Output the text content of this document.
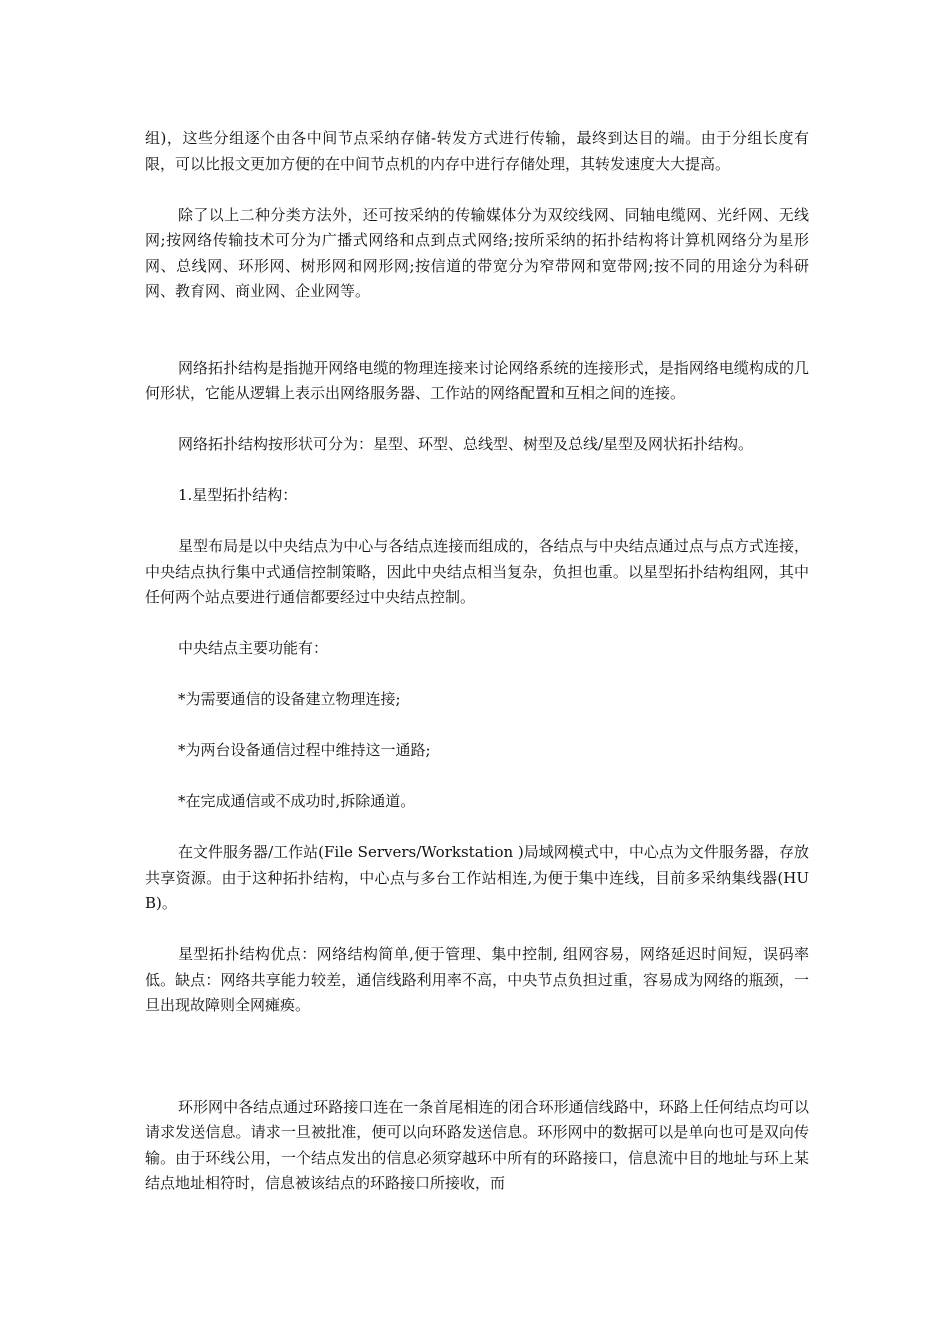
组)，这些分组逐个由各中间节点采纳存储-转发方式进行传输，最终到达目的端。由于分组长度有限，可以比报文更加方便的在中间节点机的内存中进行存储处理，其转发速度大大提高。

除了以上二种分类方法外，还可按采纳的传输媒体分为双绞线网、同轴电缆网、光纤网、无线网;按网络传输技术可分为广播式网络和点到点式网络;按所采纳的拓扑结构将计算机网络分为星形网、总线网、环形网、树形网和网形网;按信道的带宽分为窄带网和宽带网;按不同的用途分为科研网、教育网、商业网、企业网等。

网络拓扑结构是指抛开网络电缆的物理连接来讨论网络系统的连接形式，是指网络电缆构成的几何形状，它能从逻辑上表示出网络服务器、工作站的网络配置和互相之间的连接。

网络拓扑结构按形状可分为：星型、环型、总线型、树型及总线/星型及网状拓扑结构。

1.星型拓扑结构：

星型布局是以中央结点为中心与各结点连接而组成的，各结点与中央结点通过点与点方式连接，中央结点执行集中式通信控制策略，因此中央结点相当复杂，负担也重。以星型拓扑结构组网，其中任何两个站点要进行通信都要经过中央结点控制。

中央结点主要功能有：

*为需要通信的设备建立物理连接;

*为两台设备通信过程中维持这一通路;

*在完成通信或不成功时,拆除通道。

在文件服务器/工作站(File Servers/Workstation )局域网模式中，中心点为文件服务器，存放共享资源。由于这种拓扑结构，中心点与多台工作站相连,为便于集中连线，目前多采纳集线器(HUB)。

星型拓扑结构优点：网络结构简单,便于管理、集中控制, 组网容易，网络延迟时间短，误码率低。缺点：网络共享能力较差，通信线路利用率不高，中央节点负担过重，容易成为网络的瓶颈，一旦出现故障则全网瘫痪。

环形网中各结点通过环路接口连在一条首尾相连的闭合环形通信线路中，环路上任何结点均可以请求发送信息。请求一旦被批准，便可以向环路发送信息。环形网中的数据可以是单向也可是双向传输。由于环线公用，一个结点发出的信息必须穿越环中所有的环路接口，信息流中目的地址与环上某结点地址相符时，信息被该结点的环路接口所接收，而
